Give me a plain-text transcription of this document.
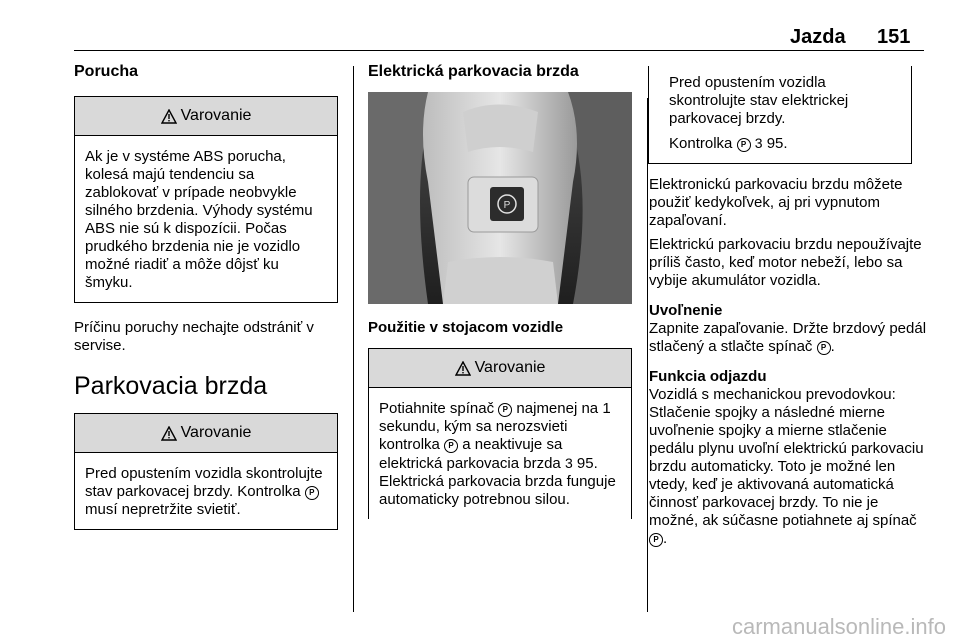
Jazda 151
Porucha
Varovanie
Ak je v systéme ABS porucha, kolesá majú tendenciu sa zablokovať v prípade neobvykle silného brzdenia. Výhody systému ABS nie sú k dispozícii. Počas prudkého brzdenia nie je vozidlo možné riadiť a môže dôjsť ku šmyku.

Príčinu poruchy nechajte odstrániť v servise.

Parkovacia brzda
Varovanie
Pred opustením vozidla skontrolujte stav parkovacej brzdy. Kontrolka P musí nepretržite svietiť.
Elektrická parkovacia brzda
P
Použitie v stojacom vozidle
Varovanie
Potiahnite spínač P najmenej na 1 sekundu, kým sa nerozsvieti kontrolka P a neaktivuje sa elektrická parkovacia brzda 3 95. Elektrická parkovacia brzda funguje automaticky potrebnou silou.

Pred opustením vozidla skontrolujte stav elektrickej parkovacej brzdy.

Kontrolka P 3 95.

Elektronickú parkovaciu brzdu môžete použiť kedykoľvek, aj pri vypnutom zapaľovaní.

Elektrickú parkovaciu brzdu nepoužívajte príliš často, keď motor nebeží, lebo sa vybije akumulátor vozidla.

Uvoľnenie

Zapnite zapaľovanie. Držte brzdový pedál stlačený a stlačte spínač P .

Funkcia odjazdu

Vozidlá s mechanickou prevodovkou: Stlačenie spojky a následné mierne uvoľnenie spojky a mierne stlačenie pedálu plynu uvoľní elektrickú parkovaciu brzdu automaticky. Toto je možné len vtedy, keď je aktivovaná automatická činnosť parkovacej brzdy. To nie je možné, ak súčasne potiahnete aj spínač P .

carmanualsonline.info
